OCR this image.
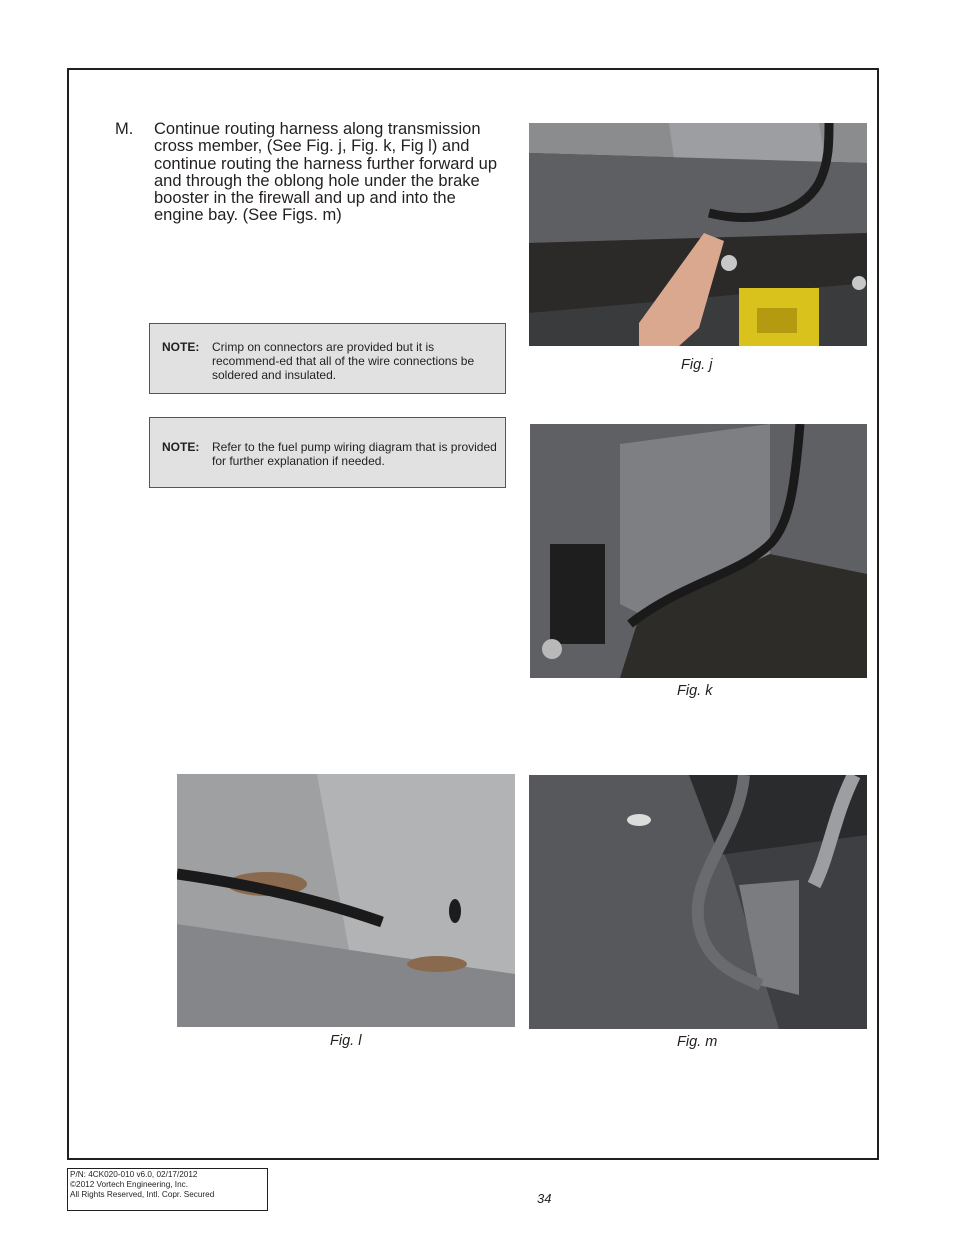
M. Continue routing harness along transmission cross member, (See Fig. j, Fig. k, Fig l) and continue routing the harness further forward up and through the oblong hole under the brake booster in the firewall and up and into the engine bay. (See Figs. m)
NOTE: Crimp on connectors are provided but it is recommend-ed that all of the wire connections be soldered and insulated.
NOTE: Refer to the fuel pump wiring diagram that is provided for further explanation if needed.
Fig. j
Fig. k
Fig. l	Fig. m
P/N: 4CK020-010 v6.0, 02/17/2012
©2012 Vortech Engineering, Inc.
All Rights Reserved, Intl. Copr. Secured	34
